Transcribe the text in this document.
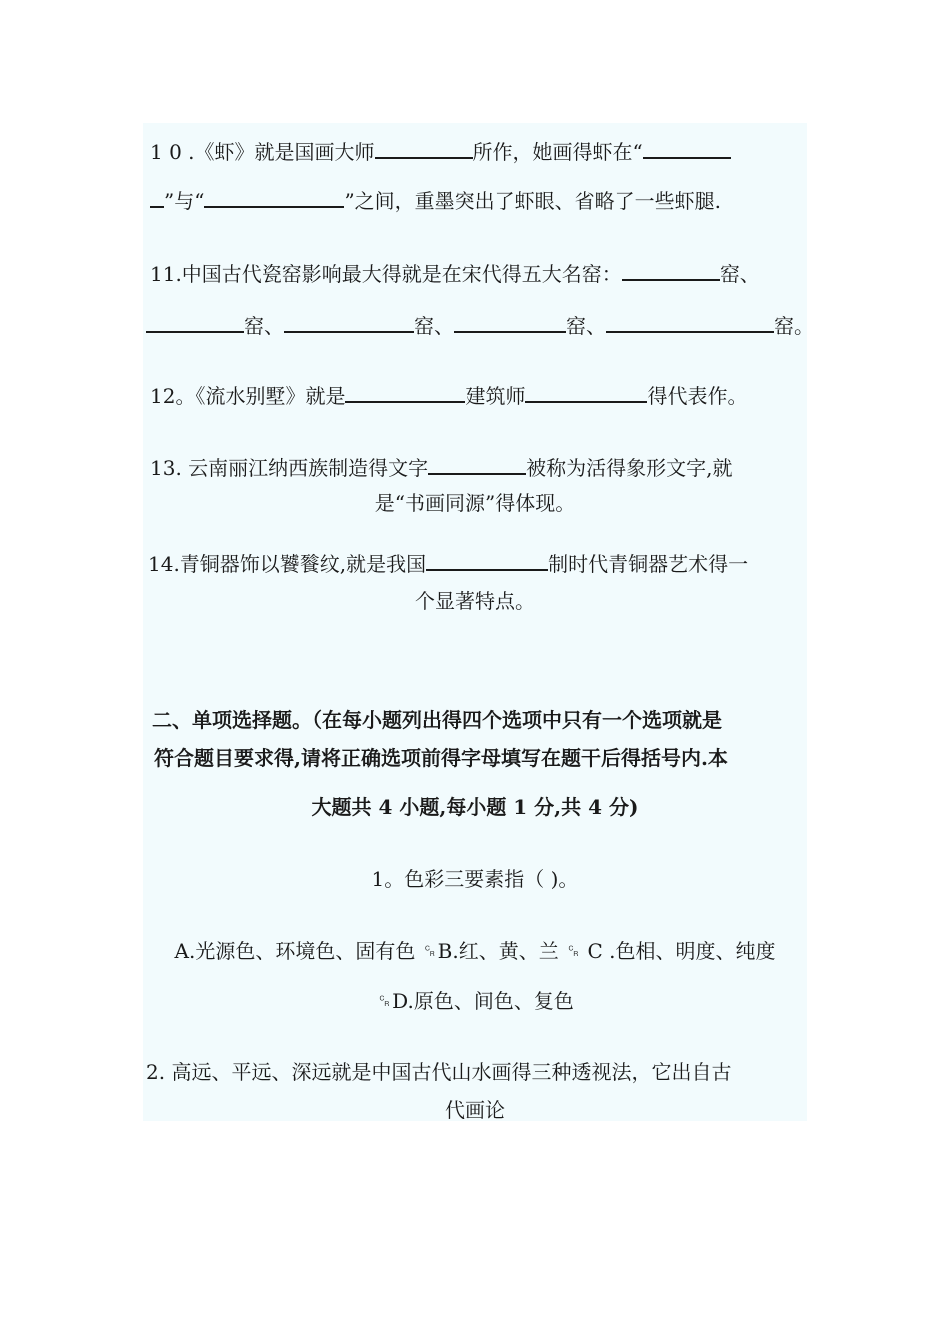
1 0 .《虾》就是国画大师	所作，她画得虾在“
”与“	”之间，重墨突出了虾眼、省略了一些虾腿.
11.中国古代瓷窑影响最大得就是在宋代得五大名窑：	窑、
窑、	窑、	窑、	窑。
12。《流水别墅》就是	建筑师	得代表作。
13. 云南丽江纳西族制造得文字	被称为活得象形文字,就
是“书画同源”得体现。
14.青铜器饰以饕餮纹,就是我国	制时代青铜器艺术得一
个显著特点。
二、单项选择题。（在每小题列出得四个选项中只有一个选项就是
符合题目要求得,请将正确选项前得字母填写在题干后得括号内.本
大题共 4 小题,每小题 1 分,共 4 分)
1。色彩三要素指（ )。
A.光源色、环境色、固有色 ␍B.红、黄、兰 ␍ C .色相、明度、纯度
␍D.原色、间色、复色
2. 高远、平远、深远就是中国古代山水画得三种透视法，它出自古
代画论
